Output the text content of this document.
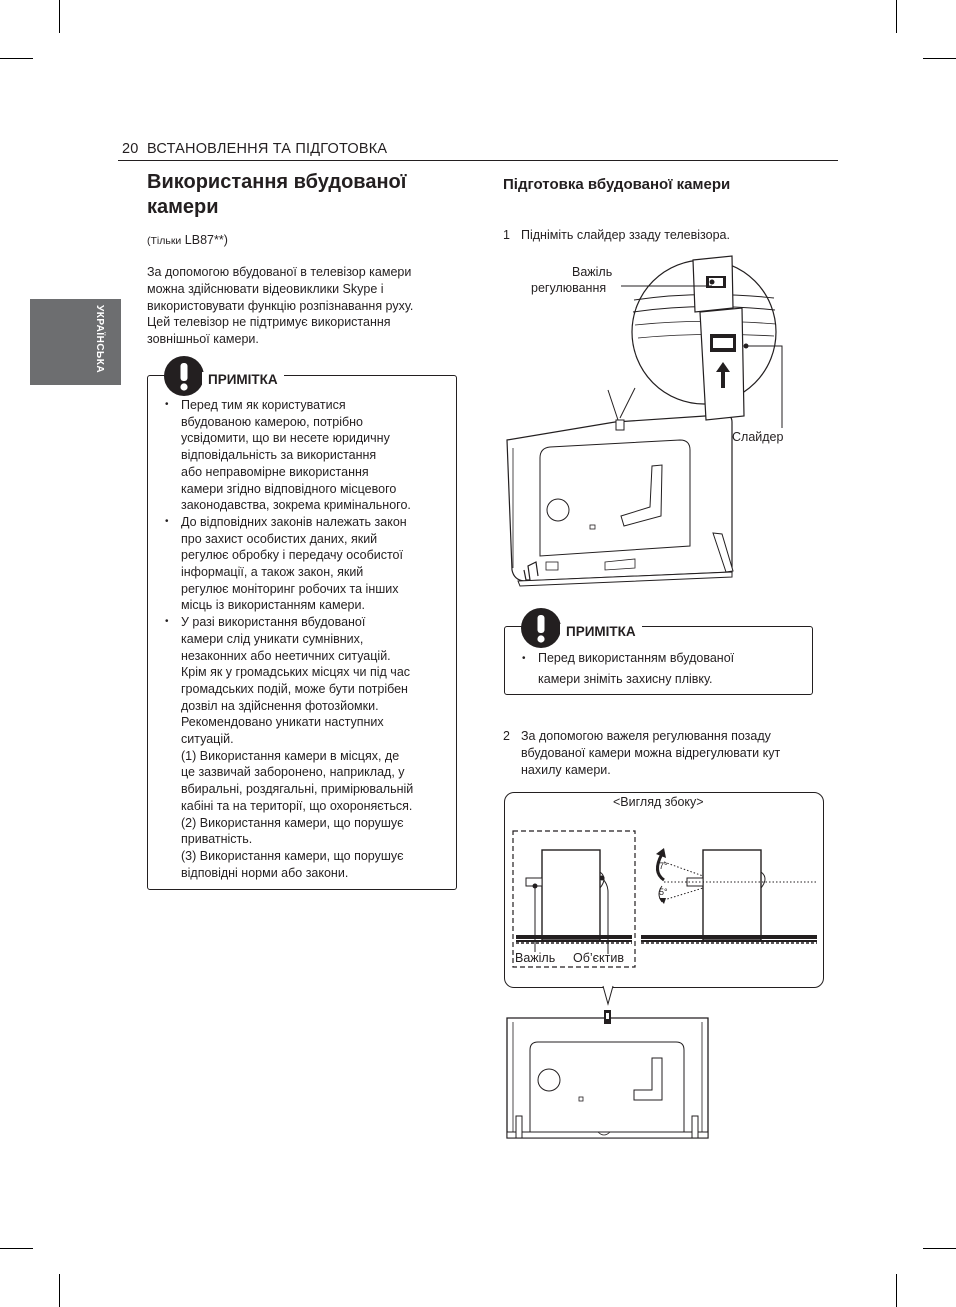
20 ВСТАНОВЛЕННЯ ТА ПІДГОТОВКА
УКРАЇНСЬКА
Використання вбудованої камери
(Тільки LB87**)
За допомогою вбудованої в телевізор камери
можна здійснювати відеовиклики Skype і
використовувати функцію розпізнавання руху.
Цей телевізор не підтримує використання
зовнішньої камери.
ПРИМІТКА
• Перед тим як користуватися
вбудованою камерою, потрібно
усвідомити, що ви несете юридичну
відповідальність за використання
або неправомірне використання
камери згідно відповідного місцевого
законодавства, зокрема кримінального.
• До відповідних законів належать закон
про захист особистих даних, який
регулює обробку і передачу особистої
інформації, а також закон, який
регулює моніторинг робочих та інших
місць із використанням камери.
• У разі використання вбудованої
камери слід уникати сумнівних,
незаконних або неетичних ситуацій.
Крім як у громадських місцях чи під час
громадських подій, може бути потрібен
дозвіл на здійснення фотозйомки.
Рекомендовано уникати наступних
ситуацій.
(1) Використання камери в місцях, де
це зазвичай заборонено, наприклад, у
вбиральні, роздягальні, примірювальній
кабіні та на території, що охороняється.
(2) Використання камери, що порушує
приватність.
(3) Використання камери, що порушує
відповідні норми або закони.
Підготовка вбудованої камери
1 Підніміть слайдер ззаду телевізора.
Важіль
регулювання
Слайдер
ПРИМІТКА
• Перед використанням вбудованої
камери зніміть захисну плівку.
2 За допомогою важеля регулювання позаду
вбудованої камери можна відрегулювати кут
нахилу камери.
<Вигляд збоку>
7°
5°
Важіль Об’єктив
